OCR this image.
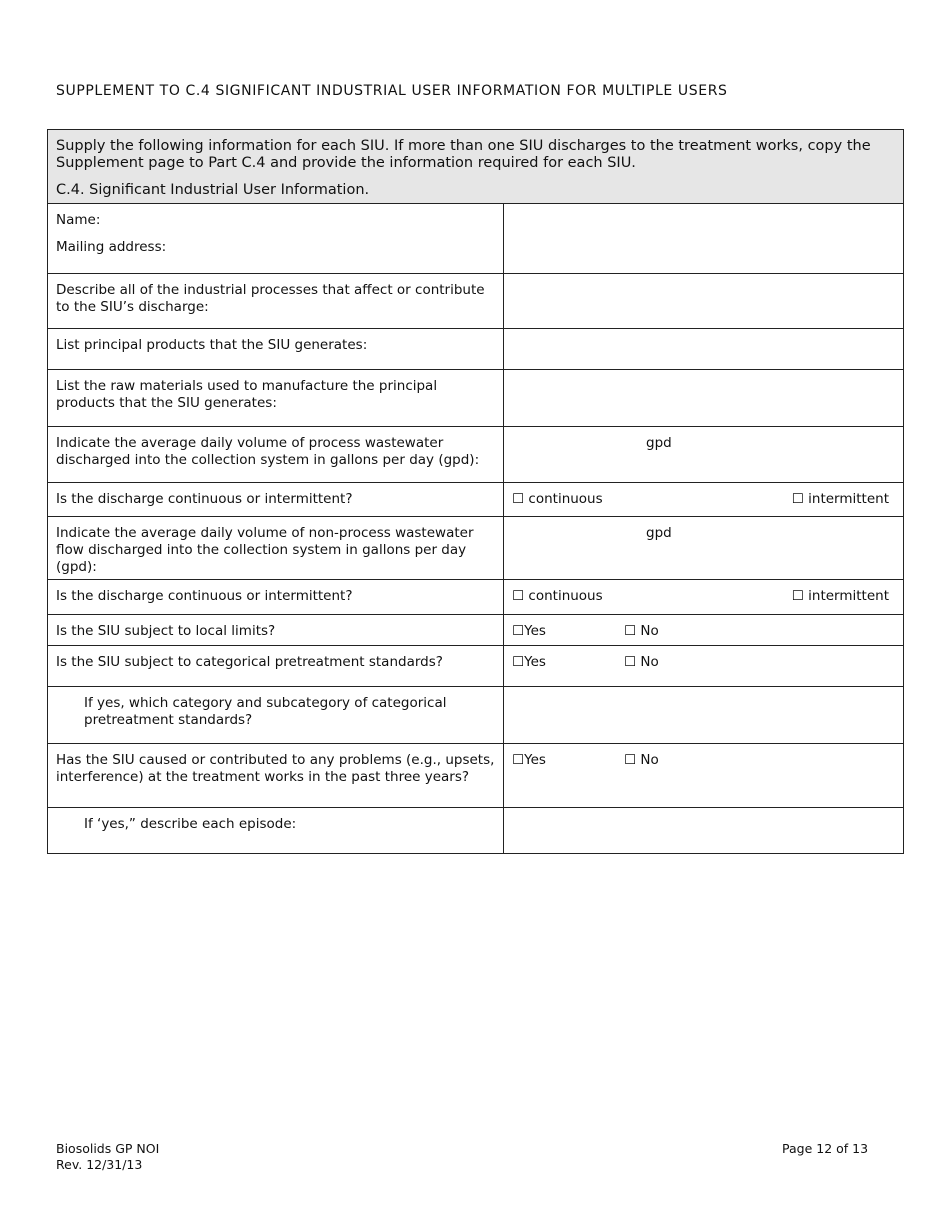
SUPPLEMENT TO C.4 SIGNIFICANT INDUSTRIAL USER INFORMATION FOR MULTIPLE USERS

Supply the following information for each SIU. If more than one SIU discharges to the treatment works, copy the Supplement page to Part C.4 and provide the information required for each SIU.

C.4. Significant Industrial User Information.	

Name:
Mailing address:	

Describe all of the industrial processes that affect or contribute to the SIU’s discharge:	
List principal products that the SIU generates:	
List the raw materials used to manufacture the principal products that the SIU generates:	
Indicate the average daily volume of process wastewater discharged into the collection system in gallons per day (gpd):	gpd
Is the discharge continuous or intermittent?	☐ continuous ☐ intermittent

Indicate the average daily volume of non-process wastewater flow discharged into the collection system in gallons per day (gpd):	gpd
Is the discharge continuous or intermittent?	☐ continuous ☐ intermittent

Is the SIU subject to local limits?	☐Yes ☐ No

Is the SIU subject to categorical pretreatment standards?	☐Yes ☐ No

If yes, which category and subcategory of categorical pretreatment standards?	
Has the SIU caused or contributed to any problems (e.g., upsets, interference) at the treatment works in the past three years?	☐Yes ☐ No

If ‘yes,” describe each episode:	
Biosolids GP NOI
Rev. 12/31/13
Page 12 of 13
